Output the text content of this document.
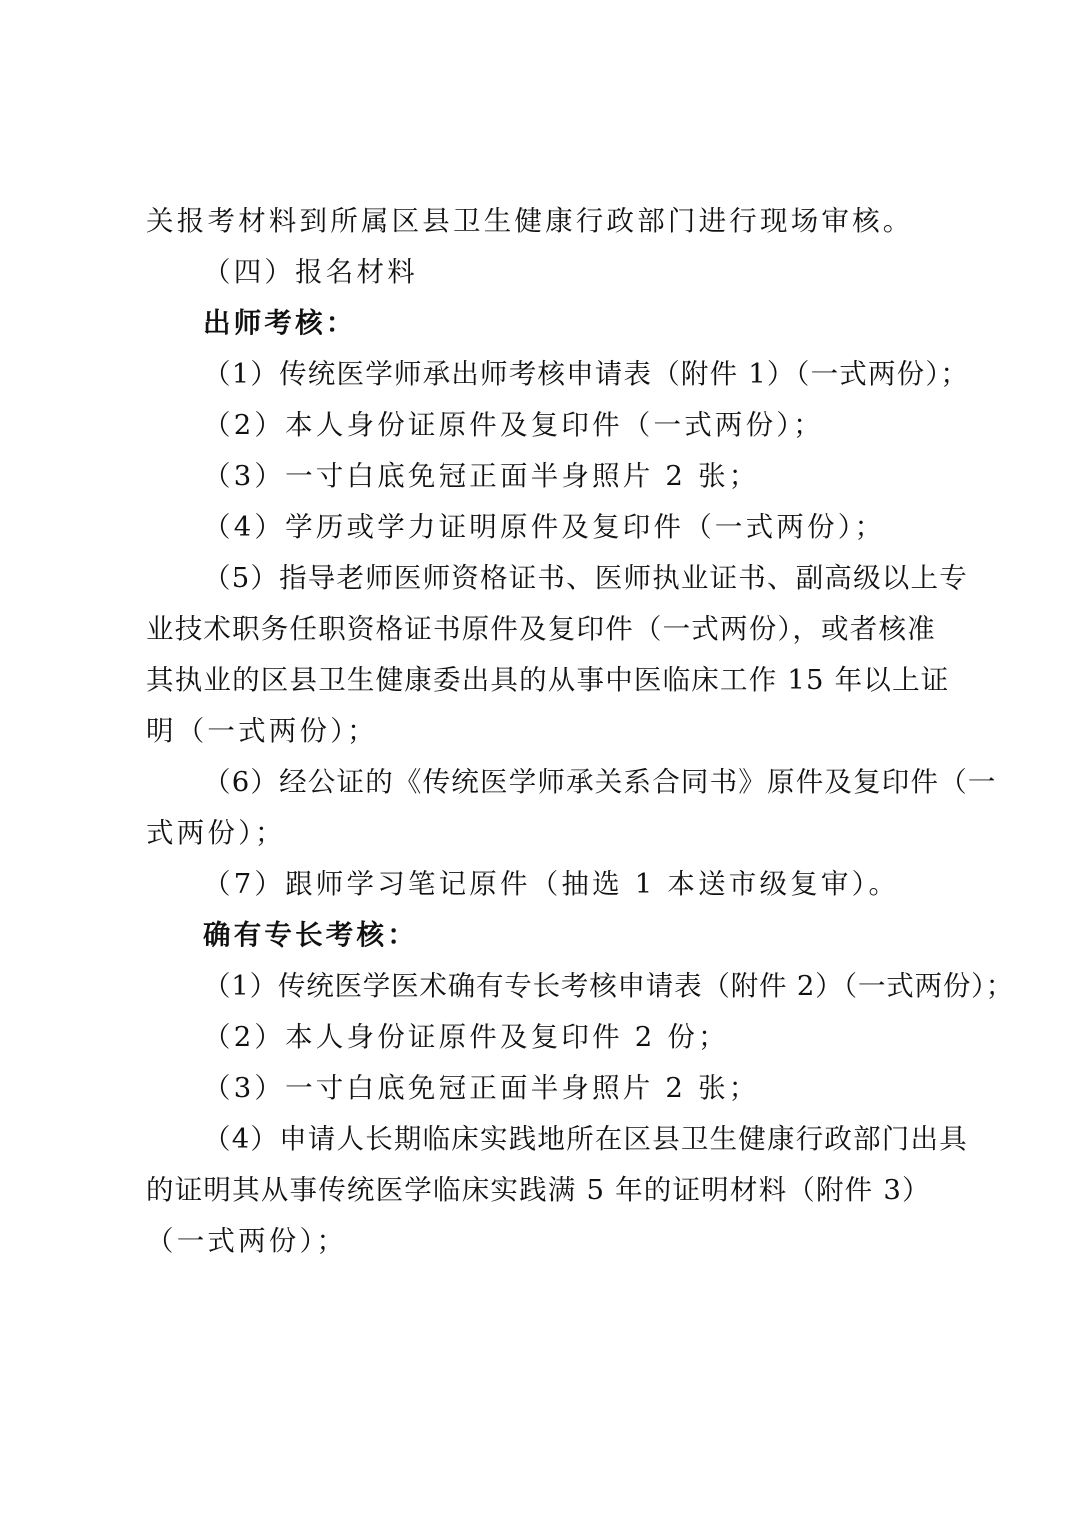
关报考材料到所属区县卫生健康行政部门进行现场审核。
（四）报名材料
出师考核：
（1）传统医学师承出师考核申请表（附件 1）（一式两份）；
（2）本人身份证原件及复印件（一式两份）；
（3）一寸白底免冠正面半身照片 2 张；
（4）学历或学力证明原件及复印件（一式两份）；
（5）指导老师医师资格证书、医师执业证书、副高级以上专
业技术职务任职资格证书原件及复印件（一式两份），或者核准
其执业的区县卫生健康委出具的从事中医临床工作 15 年以上证
明（一式两份）；
（6）经公证的《传统医学师承关系合同书》原件及复印件（一
式两份）；
（7）跟师学习笔记原件（抽选 1 本送市级复审）。
确有专长考核：
（1）传统医学医术确有专长考核申请表（附件 2）（一式两份）；
（2）本人身份证原件及复印件 2 份；
（3）一寸白底免冠正面半身照片 2 张；
（4）申请人长期临床实践地所在区县卫生健康行政部门出具
的证明其从事传统医学临床实践满 5 年的证明材料（附件 3）
（一式两份）；
